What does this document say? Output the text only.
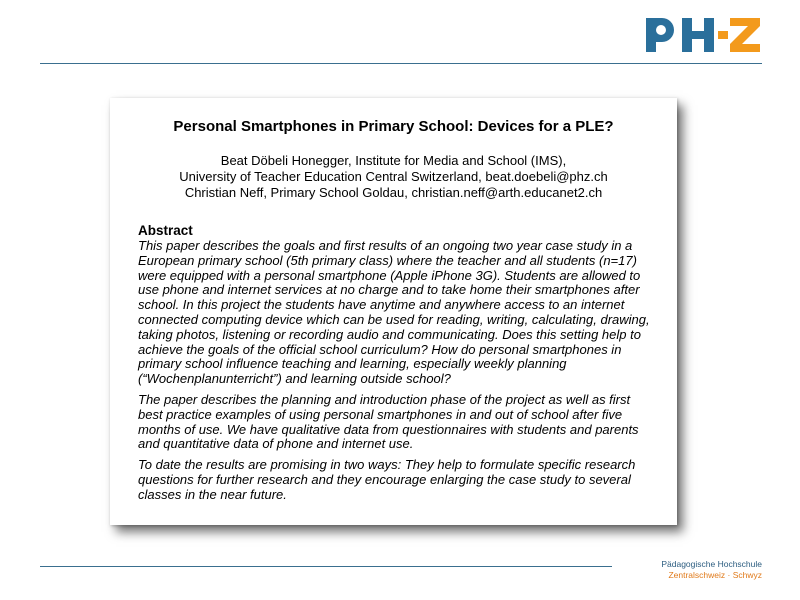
Personal Smartphones in Primary School: Devices for a PLE?
Beat Döbeli Honegger, Institute for Media and School (IMS),
University of Teacher Education Central Switzerland, beat.doebeli@phz.ch
Christian Neff, Primary School Goldau, christian.neff@arth.educanet2.ch
Abstract

This paper describes the goals and first results of an ongoing two year case study in a European primary school (5th primary class) where the teacher and all students (n=17) were equipped with a personal smartphone (Apple iPhone 3G). Students are allowed to use phone and internet services at no charge and to take home their smartphones after school. In this project the students have anytime and anywhere access to an internet connected computing device which can be used for reading, writing, calculating, drawing, taking photos, listening or recording audio and communicating. Does this setting help to achieve the goals of the official school curriculum? How do personal smartphones in primary school influence teaching and learning, especially weekly planning (“Wochenplanunterricht”) and learning outside school?

The paper describes the planning and introduction phase of the project as well as first best practice examples of using personal smartphones in and out of school after five months of use. We have qualitative data from questionnaires with students and parents and quantitative data of phone and internet use.

To date the results are promising in two ways: They help to formulate specific research questions for further research and they encourage enlarging the case study to several classes in the near future.

Pädagogische Hochschule
Zentralschweiz · Schwyz
